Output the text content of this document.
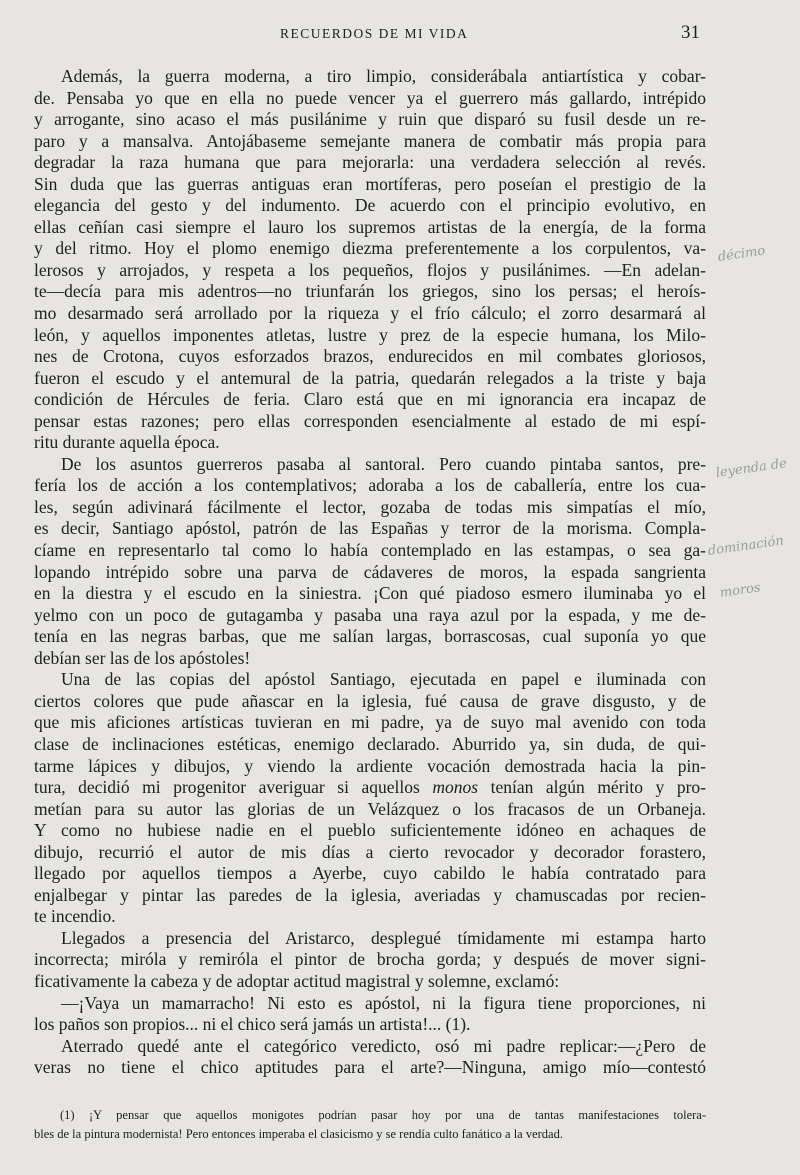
RECUERDOS DE MI VIDA	31
Además, la guerra moderna, a tiro limpio, considerábala antiartística y cobar-
de. Pensaba yo que en ella no puede vencer ya el guerrero más gallardo, intrépido
y arrogante, sino acaso el más pusilánime y ruin que disparó su fusil desde un re-
paro y a mansalva. Antojábaseme semejante manera de combatir más propia para
degradar la raza humana que para mejorarla: una verdadera selección al revés.
Sin duda que las guerras antiguas eran mortíferas, pero poseían el prestigio de la
elegancia del gesto y del indumento. De acuerdo con el principio evolutivo, en
ellas ceñían casi siempre el lauro los supremos artistas de la energía, de la forma
y del ritmo. Hoy el plomo enemigo diezma preferentemente a los corpulentos, va-
lerosos y arrojados, y respeta a los pequeños, flojos y pusilánimes. —En adelan-
te—decía para mis adentros—no triunfarán los griegos, sino los persas; el heroís-
mo desarmado será arrollado por la riqueza y el frío cálculo; el zorro desarmará al
león, y aquellos imponentes atletas, lustre y prez de la especie humana, los Milo-
nes de Crotona, cuyos esforzados brazos, endurecidos en mil combates gloriosos,
fueron el escudo y el antemural de la patria, quedarán relegados a la triste y baja
condición de Hércules de feria. Claro está que en mi ignorancia era incapaz de
pensar estas razones; pero ellas corresponden esencialmente al estado de mi espí-
ritu durante aquella época.
De los asuntos guerreros pasaba al santoral. Pero cuando pintaba santos, pre-
fería los de acción a los contemplativos; adoraba a los de caballería, entre los cua-
les, según adivinará fácilmente el lector, gozaba de todas mis simpatías el mío,
es decir, Santiago apóstol, patrón de las Españas y terror de la morisma. Compla-
cíame en representarlo tal como lo había contemplado en las estampas, o sea ga-
lopando intrépido sobre una parva de cádaveres de moros, la espada sangrienta
en la diestra y el escudo en la siniestra. ¡Con qué piadoso esmero iluminaba yo el
yelmo con un poco de gutagamba y pasaba una raya azul por la espada, y me de-
tenía en las negras barbas, que me salían largas, borrascosas, cual suponía yo que
debían ser las de los apóstoles!
Una de las copias del apóstol Santiago, ejecutada en papel e iluminada con
ciertos colores que pude añascar en la iglesia, fué causa de grave disgusto, y de
que mis aficiones artísticas tuvieran en mi padre, ya de suyo mal avenido con toda
clase de inclinaciones estéticas, enemigo declarado. Aburrido ya, sin duda, de qui-
tarme lápices y dibujos, y viendo la ardiente vocación demostrada hacia la pin-
tura, decidió mi progenitor averiguar si aquellos monos tenían algún mérito y pro-
metían para su autor las glorias de un Velázquez o los fracasos de un Orbaneja.
Y como no hubiese nadie en el pueblo suficientemente idóneo en achaques de
dibujo, recurrió el autor de mis días a cierto revocador y decorador forastero,
llegado por aquellos tiempos a Ayerbe, cuyo cabildo le había contratado para
enjalbegar y pintar las paredes de la iglesia, averiadas y chamuscadas por recien-
te incendio.
Llegados a presencia del Aristarco, desplegué tímidamente mi estampa harto
incorrecta; miróla y remiróla el pintor de brocha gorda; y después de mover signi-
ficativamente la cabeza y de adoptar actitud magistral y solemne, exclamó:
—¡Vaya un mamarracho! Ni esto es apóstol, ni la figura tiene proporciones, ni
los paños son propios... ni el chico será jamás un artista!... (1).
Aterrado quedé ante el categórico veredicto, osó mi padre replicar:—¿Pero de
veras no tiene el chico aptitudes para el arte?—Ninguna, amigo mío—contestó
(1) ¡Y pensar que aquellos monigotes podrían pasar hoy por una de tantas manifestaciones tolera-
bles de la pintura modernista! Pero entonces imperaba el clasicismo y se rendía culto fanático a la verdad.
décimo
leyenda de
dominación
moros
